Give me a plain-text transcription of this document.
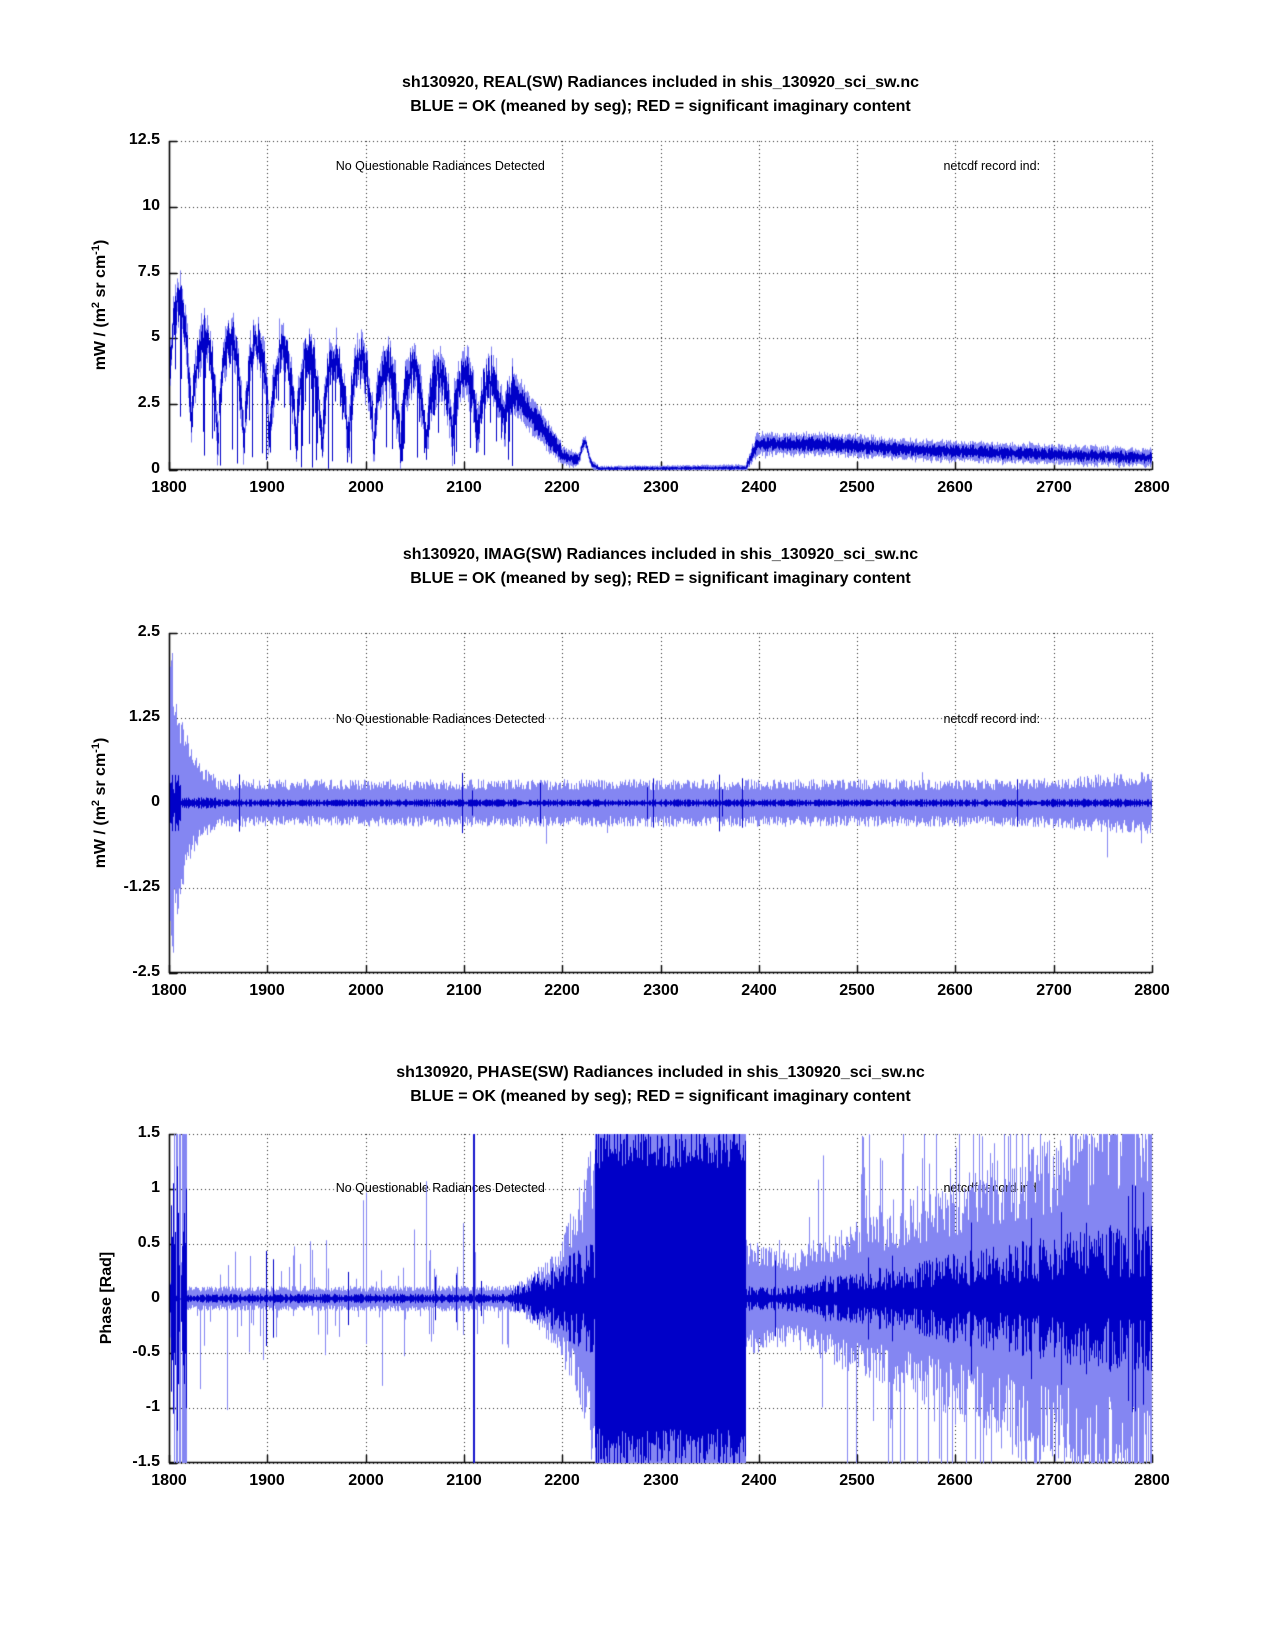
sh130920, REAL(SW) Radiances included in shis_130920_sci_sw.nc
BLUE = OK (meaned by seg); RED = significant imaginary content
mW / ($m^2$ sr $cm^{-1}$)
1800	1900	2000	2100	2200	2300	2400	2500	2600	2700	2800
0
2.5
5
7.5
10
12.5
sh130920, IMAG(SW) Radiances included in shis_130920_sci_sw.nc
BLUE = OK (meaned by seg); RED = significant imaginary content
mW / ($m^2$ sr $cm^{-1}$)
1800	1900	2000	2100	2200	2300	2400	2500	2600	2700	2800
-2.5
-1.25
0
1.25
2.5
sh130920, PHASE(SW) Radiances included in shis_130920_sci_sw.nc
BLUE = OK (meaned by seg); RED = significant imaginary content
Phase [Rad]
1800	1900	2000	2100	2200	2300	2400	2500	2600	2700	2800
-1.5
-1
-0.5
0
0.5
1
1.5
